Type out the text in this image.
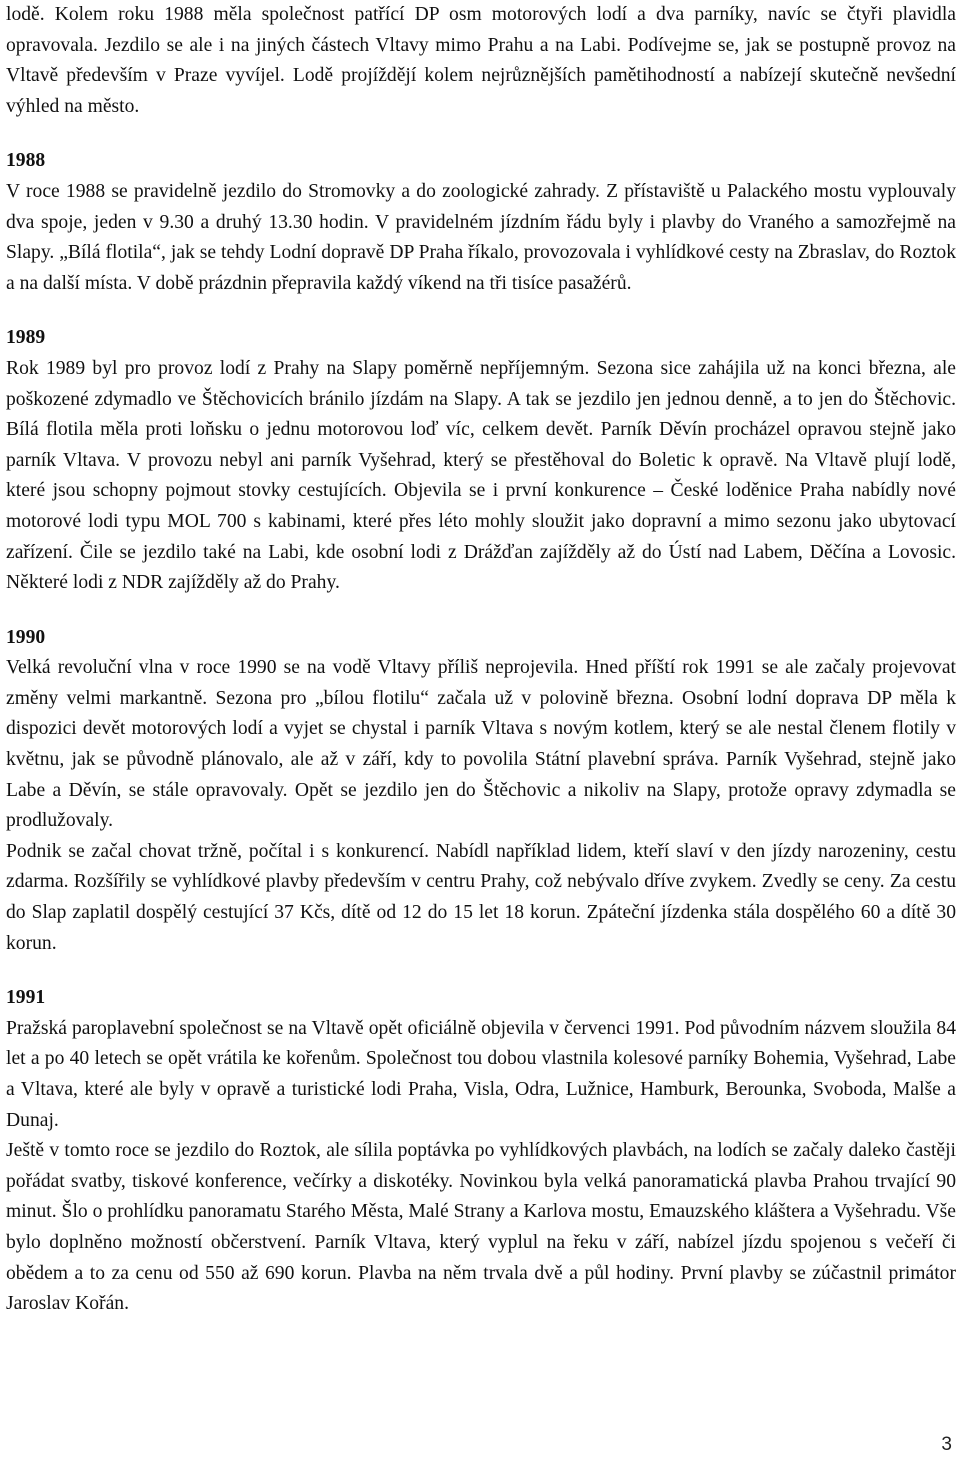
lodě. Kolem roku 1988 měla společnost patřící DP osm motorových lodí a dva parníky, navíc se čtyři plavidla opravovala. Jezdilo se ale i na jiných částech Vltavy mimo Prahu a na Labi. Podívejme se, jak se postupně provoz na Vltavě především v Praze vyvíjel. Lodě projíždějí kolem nejrůznějších pamětihodností a nabízejí skutečně nevšední výhled na město.

1988

V roce 1988 se pravidelně jezdilo do Stromovky a do zoologické zahrady. Z přístaviště u Palackého mostu vyplouvaly dva spoje, jeden v 9.30 a druhý 13.30 hodin. V pravidelném jízdním řádu byly i plavby do Vraného a samozřejmě na Slapy. „Bílá flotila“, jak se tehdy Lodní dopravě DP Praha říkalo, provozovala i vyhlídkové cesty na Zbraslav, do Roztok a na další místa. V době prázdnin přepravila každý víkend na tři tisíce pasažérů.

1989

Rok 1989 byl pro provoz lodí z Prahy na Slapy poměrně nepříjemným. Sezona sice zahájila už na konci března, ale poškozené zdymadlo ve Štěchovicích bránilo jízdám na Slapy. A tak se jezdilo jen jednou denně, a to jen do Štěchovic. Bílá flotila měla proti loňsku o jednu motorovou loď víc, celkem devět. Parník Děvín procházel opravou stejně jako parník Vltava. V provozu nebyl ani parník Vyšehrad, který se přestěhoval do Boletic k opravě. Na Vltavě plují lodě, které jsou schopny pojmout stovky cestujících. Objevila se i první konkurence – České loděnice Praha nabídly nové motorové lodi typu MOL 700 s kabinami, které přes léto mohly sloužit jako dopravní a mimo sezonu jako ubytovací zařízení. Čile se jezdilo také na Labi, kde osobní lodi z Drážďan zajížděly až do Ústí nad Labem, Děčína a Lovosic. Některé lodi z NDR zajížděly až do Prahy.

1990

Velká revoluční vlna v roce 1990 se na vodě Vltavy příliš neprojevila. Hned příští rok 1991 se ale začaly projevovat změny velmi markantně. Sezona pro „bílou flotilu“ začala už v polovině března. Osobní lodní doprava DP měla k dispozici devět motorových lodí a vyjet se chystal i parník Vltava s novým kotlem, který se ale nestal členem flotily v květnu, jak se původně plánovalo, ale až v září, kdy to povolila Státní plavební správa. Parník Vyšehrad, stejně jako Labe a Děvín, se stále opravovaly. Opět se jezdilo jen do Štěchovic a nikoliv na Slapy, protože opravy zdymadla se prodlužovaly.

Podnik se začal chovat tržně, počítal i s konkurencí. Nabídl například lidem, kteří slaví v den jízdy narozeniny, cestu zdarma. Rozšířily se vyhlídkové plavby především v centru Prahy, což nebývalo dříve zvykem. Zvedly se ceny. Za cestu do Slap zaplatil dospělý cestující 37 Kčs, dítě od 12 do 15 let 18 korun. Zpáteční jízdenka stála dospělého 60 a dítě 30 korun.

1991

Pražská paroplavební společnost se na Vltavě opět oficiálně objevila v červenci 1991. Pod původním názvem sloužila 84 let a po 40 letech se opět vrátila ke kořenům. Společnost tou dobou vlastnila kolesové parníky Bohemia, Vyšehrad, Labe a Vltava, které ale byly v opravě a turistické lodi Praha, Visla, Odra, Lužnice, Hamburk, Berounka, Svoboda, Malše a Dunaj.

Ještě v tomto roce se jezdilo do Roztok, ale sílila poptávka po vyhlídkových plavbách, na lodích se začaly daleko častěji pořádat svatby, tiskové konference, večírky a diskotéky. Novinkou byla velká panoramatická plavba Prahou trvající 90 minut. Šlo o prohlídku panoramatu Starého Města, Malé Strany a Karlova mostu, Emauzského kláštera a Vyšehradu. Vše bylo doplněno možností občerstvení. Parník Vltava, který vyplul na řeku v září, nabízel jízdu spojenou s večeří či obědem a to za cenu od 550 až 690 korun. Plavba na něm trvala dvě a půl hodiny. První plavby se zúčastnil primátor Jaroslav Kořán.

3
